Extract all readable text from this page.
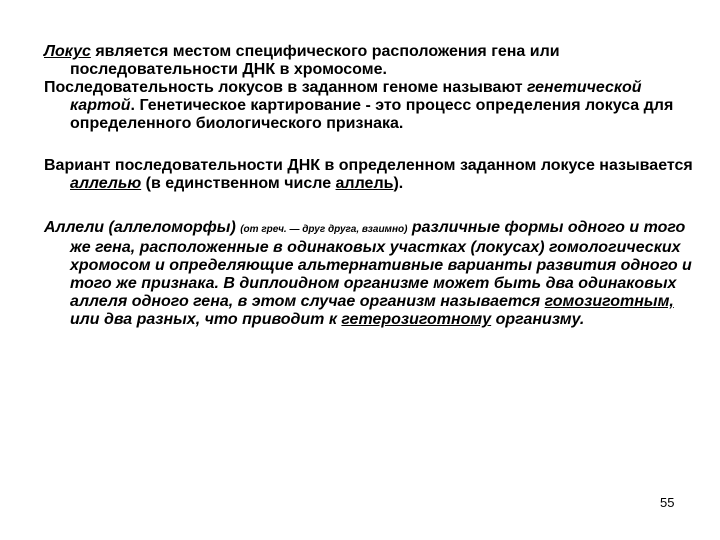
Локус является местом специфического расположения гена или последовательности ДНК в хромосоме.
Последовательность локусов в заданном геноме называют генетической картой. Генетическое картирование - это процесс определения локуса для определенного биологического признака.
Вариант последовательности ДНК в определенном заданном локусе называется аллелью (в единственном числе аллель).
Аллели (аллеломорфы) (от греч. — друг друга, взаимно) различные формы одного и того же гена, расположенные в одинаковых участках (локусах) гомологических хромосом и определяющие альтернативные варианты развития одного и того же признака. В диплоидном организме может быть два одинаковых аллеля одного гена, в этом случае организм называется гомозиготным, или два разных, что приводит к гетерозиготному организму.
55
